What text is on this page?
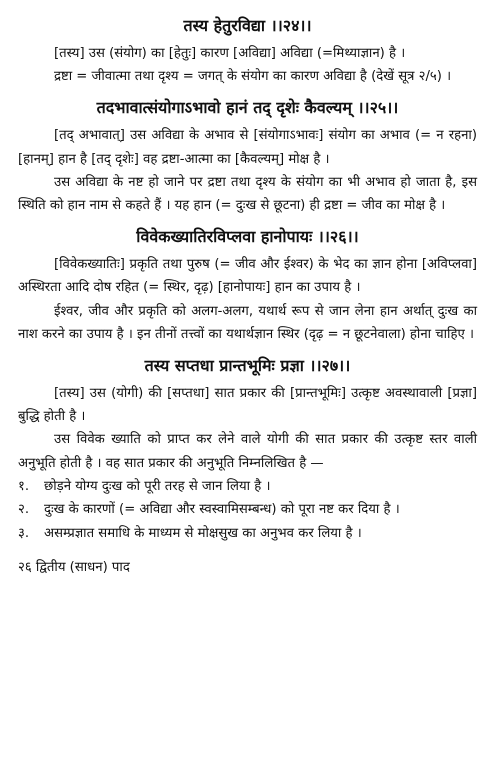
तस्य हेतुरविद्या ।।२४।।

[तस्य] उस (संयोग) का [हेतुः] कारण [अविद्या] अविद्या (=मिथ्याज्ञान) है ।

द्रष्टा = जीवात्मा तथा दृश्य = जगत् के संयोग का कारण अविद्या है (देखें सूत्र २/५) ।

तदभावात्संयोगाऽभावो हानं तद् दृशेः कैवल्यम् ।।२५।।

[तद् अभावात्] उस अविद्या के अभाव से [संयोगाऽभावः] संयोग का अभाव (= न रहना) [हानम्] हान है [तद् दृशेः] वह द्रष्टा-आत्मा का [कैवल्यम्] मोक्ष है ।

उस अविद्या के नष्ट हो जाने पर द्रष्टा तथा दृश्य के संयोग का भी अभाव हो जाता है, इस स्थिति को हान नाम से कहते हैं । यह हान (= दुःख से छूटना) ही द्रष्टा = जीव का मोक्ष है ।

विवेकख्यातिरविप्लवा हानोपायः ।।२६।।

[विवेकख्यातिः] प्रकृति तथा पुरुष (= जीव और ईश्वर) के भेद का ज्ञान होना [अविप्लवा] अस्थिरता आदि दोष रहित (= स्थिर, दृढ़) [हानोपायः] हान का उपाय है ।

ईश्वर, जीव और प्रकृति को अलग-अलग, यथार्थ रूप से जान लेना हान अर्थात् दुःख का नाश करने का उपाय है । इन तीनों तत्त्वों का यथार्थज्ञान स्थिर (दृढ़ = न छूटनेवाला) होना चाहिए ।

तस्य सप्तधा प्रान्तभूमिः प्रज्ञा ।।२७।।

[तस्य] उस (योगी) की [सप्तधा] सात प्रकार की [प्रान्तभूमिः] उत्कृष्ट अवस्थावाली [प्रज्ञा] बुद्धि होती है ।

उस विवेक ख्याति को प्राप्त कर लेने वाले योगी की सात प्रकार की उत्कृष्ट स्तर वाली अनुभूति होती है । वह सात प्रकार की अनुभूति निम्नलिखित है —

१.	छोड़ने योग्य दुःख को पूरी तरह से जान लिया है ।
२.	दुःख के कारणों (= अविद्या और स्वस्वामिसम्बन्ध) को पूरा नष्ट कर दिया है ।
३.	असम्प्रज्ञात समाधि के माध्यम से मोक्षसुख का अनुभव कर लिया है ।
२६ द्वितीय (साधन) पाद
